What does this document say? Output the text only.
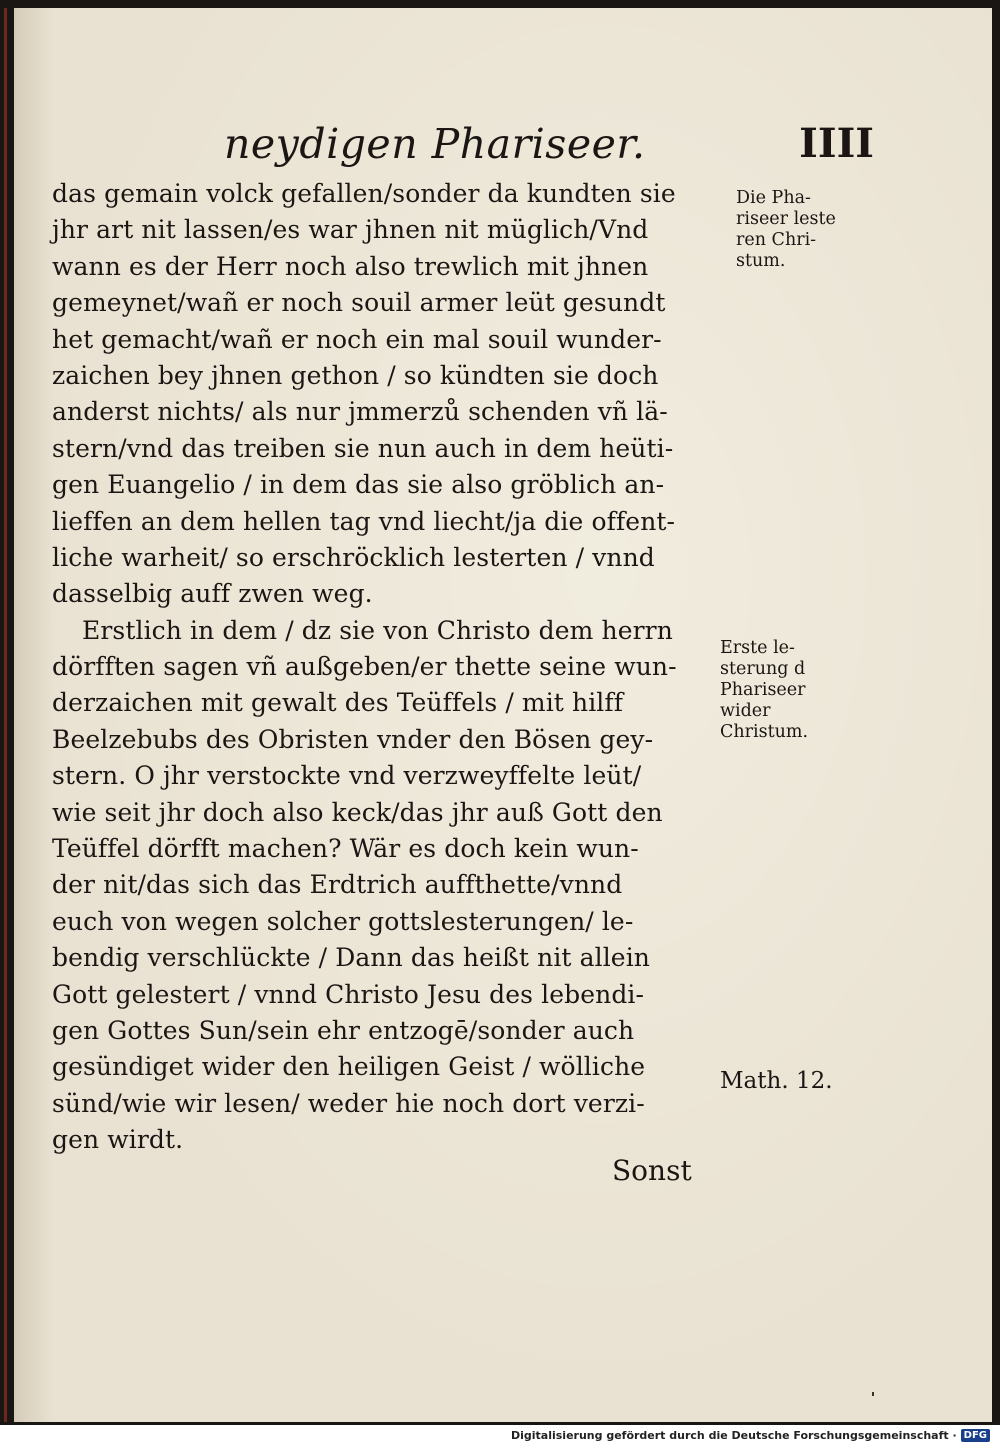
neydigen Phariseer.	IIII
das gemain volck gefallen/sonder da kundten sie
jhr art nit lassen/es war jhnen nit müglich/Vnd
wann es der Herr noch also trewlich mit jhnen
gemeynet/wañ er noch souil armer leüt gesundt
het gemacht/wañ er noch ein mal souil wunder-
zaichen bey jhnen gethon / so kündten sie doch
anderst nichts/ als nur jmmerzů schenden vñ lä-
stern/vnd das treiben sie nun auch in dem heüti-
gen Euangelio / in dem das sie also gröblich an-
lieffen an dem hellen tag vnd liecht/ja die offent-
liche warheit/ so erschröcklich lesterten / vnnd
dasselbig auff zwen weg.
Erstlich in dem / dz sie von Christo dem herrn
dörfften sagen vñ außgeben/er thette seine wun-
derzaichen mit gewalt des Teüffels / mit hilff
Beelzebubs des Obristen vnder den Bösen gey-
stern. O jhr verstockte vnd verzweyffelte leüt/
wie seit jhr doch also keck/das jhr auß Gott den
Teüffel dörfft machen? Wär es doch kein wun-
der nit/das sich das Erdtrich auffthette/vnnd
euch von wegen solcher gottslesterungen/ le-
bendig verschlückte / Dann das heißt nit allein
Gott gelestert / vnnd Christo Jesu des lebendi-
gen Gottes Sun/sein ehr entzogē/sonder auch
gesündiget wider den heiligen Geist / wölliche
sünd/wie wir lesen/ weder hie noch dort verzi-
gen wirdt.
Die Pha-
riseer leste
ren Chri-
stum.
Erste le-
sterung d
Phariseer
wider
Christum.
Math. 12.
Sonst
Digitalisierung gefördert durch die Deutsche Forschungsgemeinschaft · DFG
